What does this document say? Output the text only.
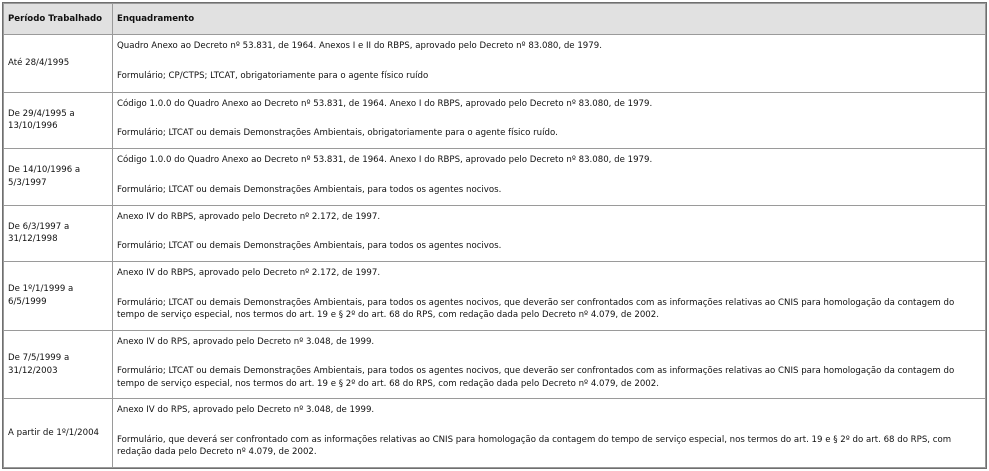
Período Trabalhado	Enquadramento
Até 28/4/1995	Quadro Anexo ao Decreto nº 53.831, de 1964. Anexos I e II do RBPS, aprovado pelo Decreto nº 83.080, de 1979.
Formulário; CP/CTPS; LTCAT, obrigatoriamente para o agente físico ruído

De 29/4/1995 a 13/10/1996	Código 1.0.0 do Quadro Anexo ao Decreto nº 53.831, de 1964. Anexo I do RBPS, aprovado pelo Decreto nº 83.080, de 1979.
Formulário; LTCAT ou demais Demonstrações Ambientais, obrigatoriamente para o agente físico ruído.

De 14/10/1996 a 5/3/1997	Código 1.0.0 do Quadro Anexo ao Decreto nº 53.831, de 1964. Anexo I do RBPS, aprovado pelo Decreto nº 83.080, de 1979.
Formulário; LTCAT ou demais Demonstrações Ambientais, para todos os agentes nocivos.

De 6/3/1997 a 31/12/1998	Anexo IV do RBPS, aprovado pelo Decreto nº 2.172, de 1997.
Formulário; LTCAT ou demais Demonstrações Ambientais, para todos os agentes nocivos.

De 1º/1/1999 a 6/5/1999	Anexo IV do RBPS, aprovado pelo Decreto nº 2.172, de 1997.
Formulário; LTCAT ou demais Demonstrações Ambientais, para todos os agentes nocivos, que deverão ser confrontados com as informações relativas ao CNIS para homologação da contagem do tempo de serviço especial, nos termos do art. 19 e § 2º do art. 68 do RPS, com redação dada pelo Decreto nº 4.079, de 2002.

De 7/5/1999 a 31/12/2003	Anexo IV do RPS, aprovado pelo Decreto nº 3.048, de 1999.
Formulário; LTCAT ou demais Demonstrações Ambientais, para todos os agentes nocivos, que deverão ser confrontados com as informações relativas ao CNIS para homologação da contagem do tempo de serviço especial, nos termos do art. 19 e § 2º do art. 68 do RPS, com redação dada pelo Decreto nº 4.079, de 2002.

A partir de 1º/1/2004	Anexo IV do RPS, aprovado pelo Decreto nº 3.048, de 1999.
Formulário, que deverá ser confrontado com as informações relativas ao CNIS para homologação da contagem do tempo de serviço especial, nos termos do art. 19 e § 2º do art. 68 do RPS, com redação dada pelo Decreto nº 4.079, de 2002.
